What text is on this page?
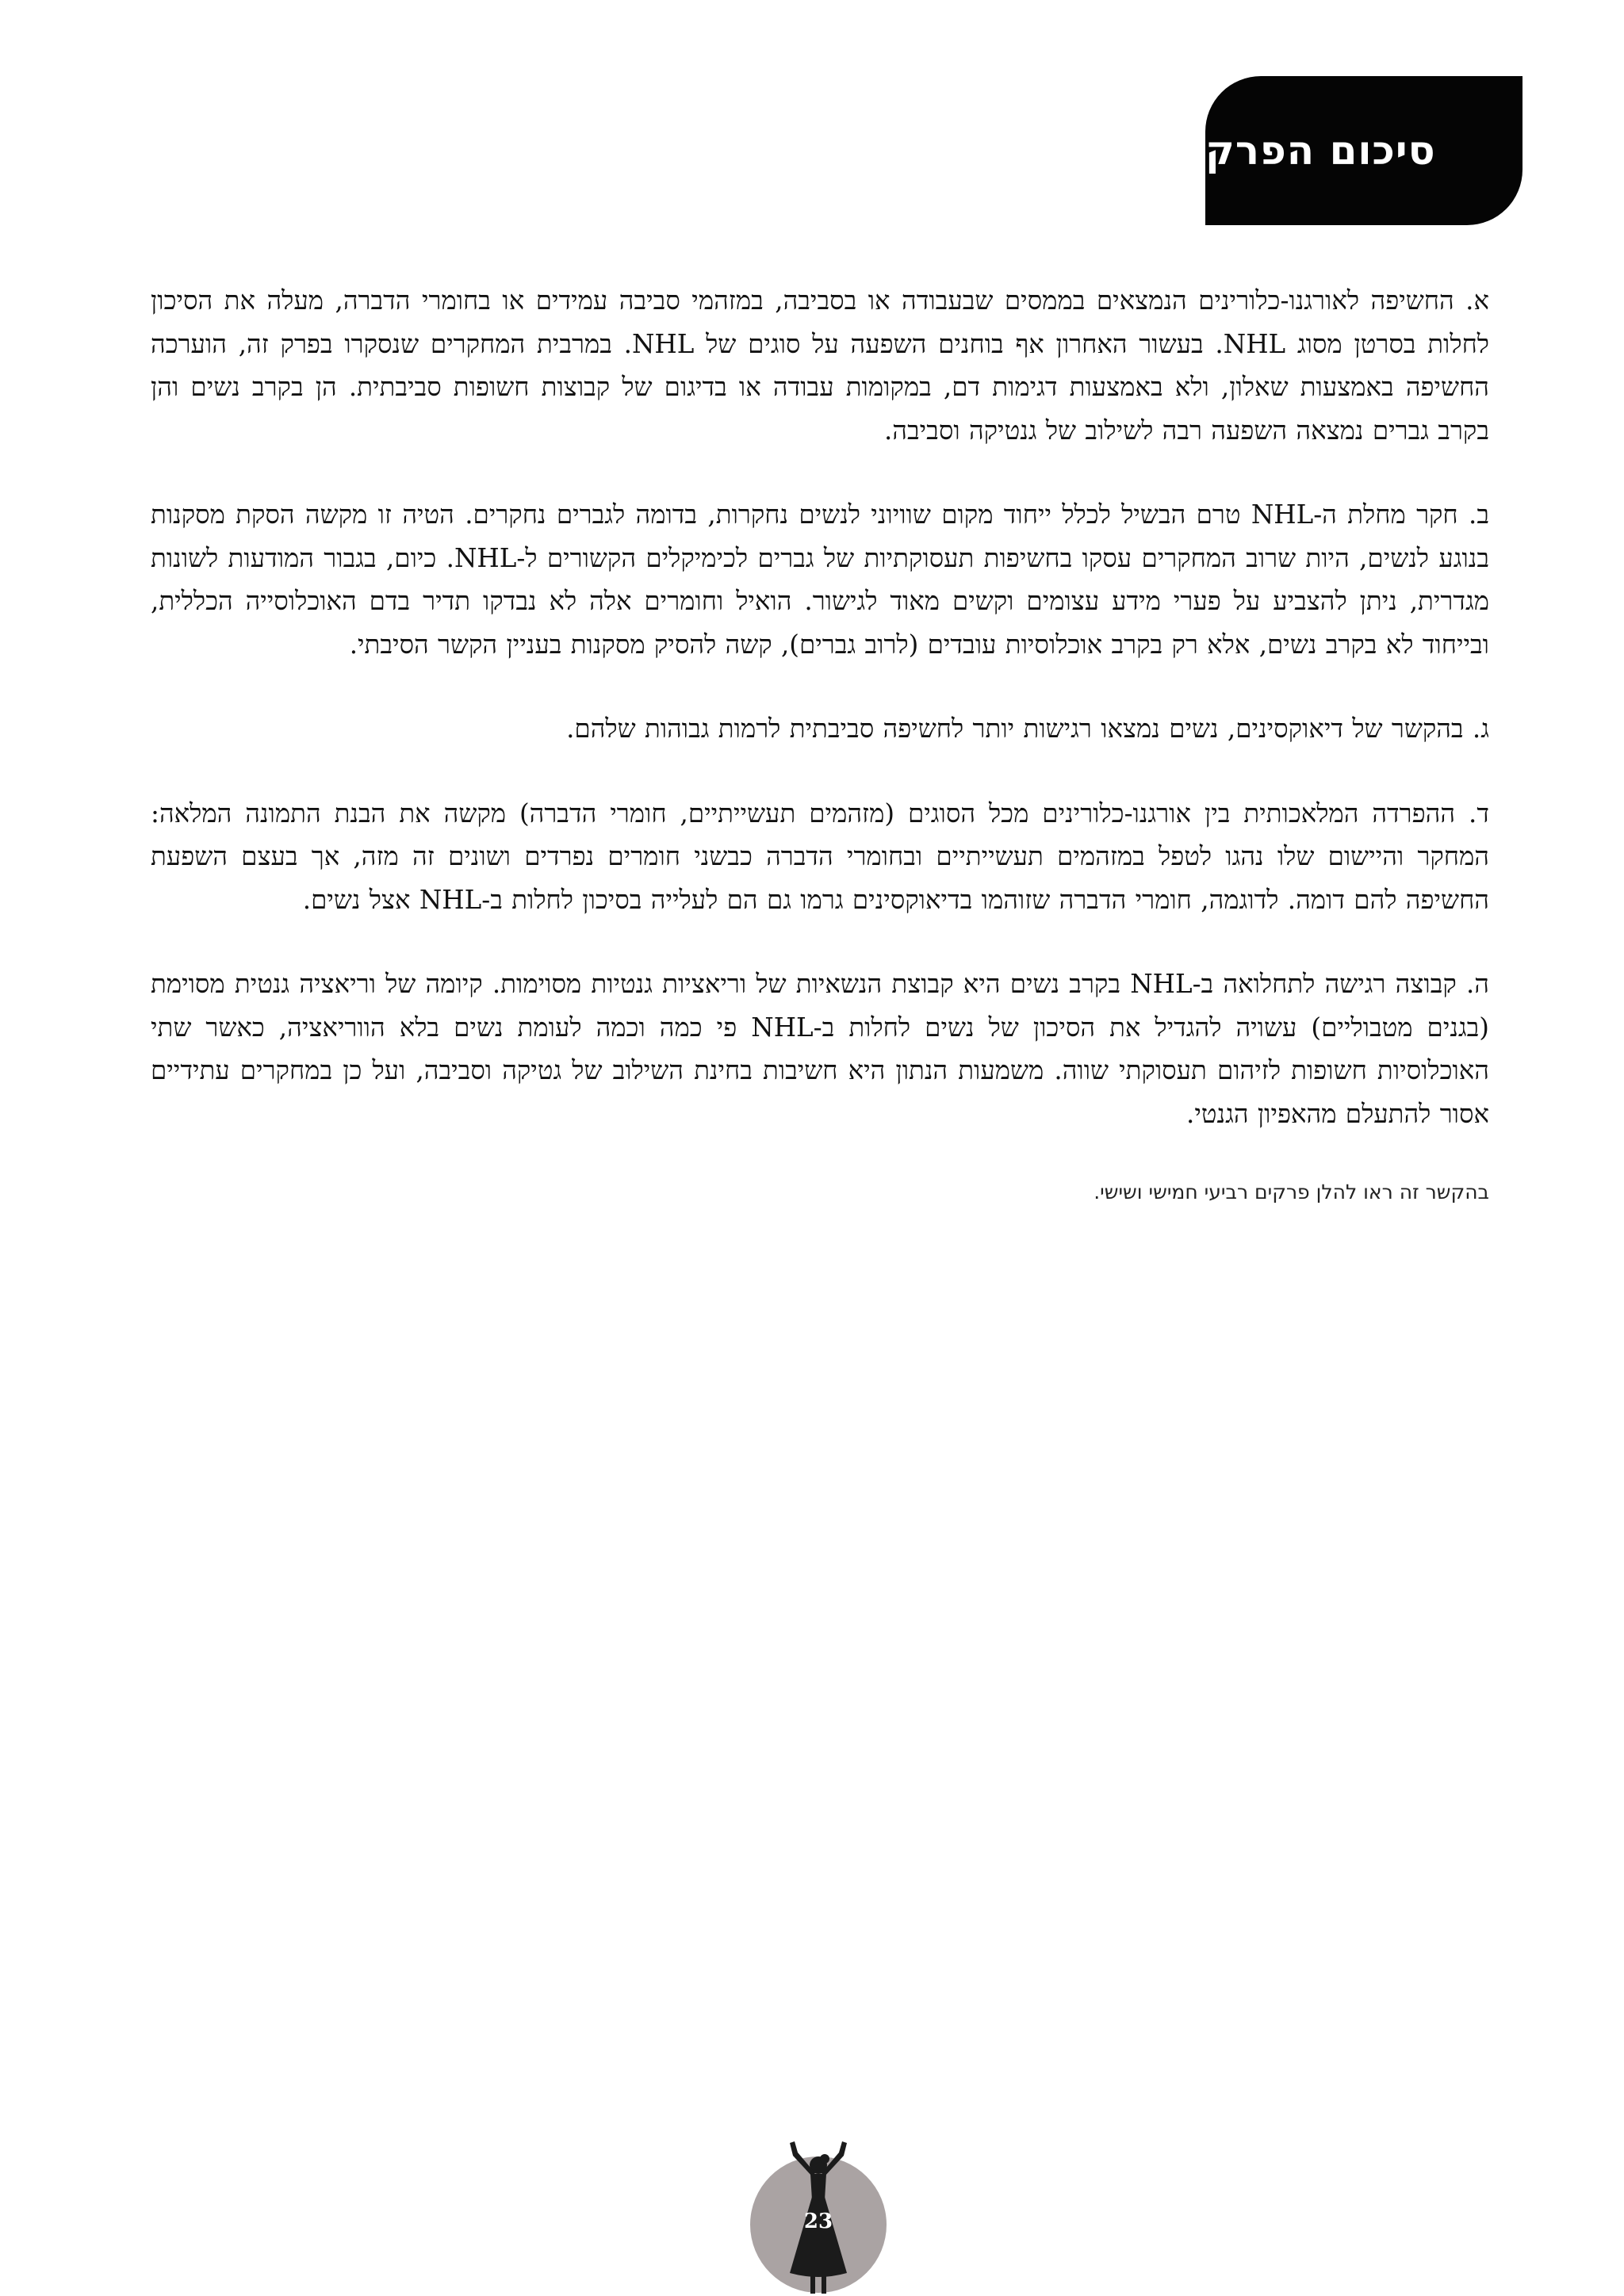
סיכום הפרק

א. החשיפה לאורגנו-כלורינים הנמצאים בממסים שבעבודה או בסביבה, במזהמי סביבה עמידים או בחומרי הדברה, מעלה את הסיכון לחלות בסרטן מסוג NHL. בעשור האחרון אף בוחנים השפעה על סוגים של NHL. במרבית המחקרים שנסקרו בפרק זה, הוערכה החשיפה באמצעות שאלון, ולא באמצעות דגימות דם, במקומות עבודה או בדיגום של קבוצות חשופות סביבתית. הן בקרב נשים והן בקרב גברים נמצאה השפעה רבה לשילוב של גנטיקה וסביבה.

ב. חקר מחלת ה-NHL טרם הבשיל לכלל ייחוד מקום שוויוני לנשים נחקרות, בדומה לגברים נחקרים. הטיה זו מקשה הסקת מסקנות בנוגע לנשים, היות שרוב המחקרים עסקו בחשיפות תעסוקתיות של גברים לכימיקלים הקשורים ל-NHL. כיום, בגבור המודעות לשונות מגדרית, ניתן להצביע על פערי מידע עצומים וקשים מאוד לגישור. הואיל וחומרים אלה לא נבדקו תדיר בדם האוכלוסייה הכללית, ובייחוד לא בקרב נשים, אלא רק בקרב אוכלוסיות עובדים (לרוב גברים), קשה להסיק מסקנות בעניין הקשר הסיבתי.

ג. בהקשר של דיאוקסינים, נשים נמצאו רגישות יותר לחשיפה סביבתית לרמות גבוהות שלהם.

ד. ההפרדה המלאכותית בין אורגנו-כלורינים מכל הסוגים (מזהמים תעשייתיים, חומרי הדברה) מקשה את הבנת התמונה המלאה: המחקר והיישום שלו נהגו לטפל במזהמים תעשייתיים ובחומרי הדברה כבשני חומרים נפרדים ושונים זה מזה, אך בעצם השפעת החשיפה להם דומה. לדוגמה, חומרי הדברה שזוהמו בדיאוקסינים גרמו גם הם לעלייה בסיכון לחלות ב-NHL אצל נשים.

ה. קבוצה רגישה לתחלואה ב-NHL בקרב נשים היא קבוצת הנשאיות של וריאציות גנטיות מסוימות. קיומה של וריאציה גנטית מסוימת (בגנים מטבוליים) עשויה להגדיל את הסיכון של נשים לחלות ב-NHL פי כמה וכמה לעומת נשים בלא הווריאציה, כאשר שתי האוכלוסיות חשופות לזיהום תעסוקתי שווה. משמעות הנתון היא חשיבות בחינת השילוב של גטיקה וסביבה, ועל כן במחקרים עתידיים אסור להתעלם מהאפיון הגנטי.

בהקשר זה ראו להלן פרקים רביעי חמישי ושישי.

23
